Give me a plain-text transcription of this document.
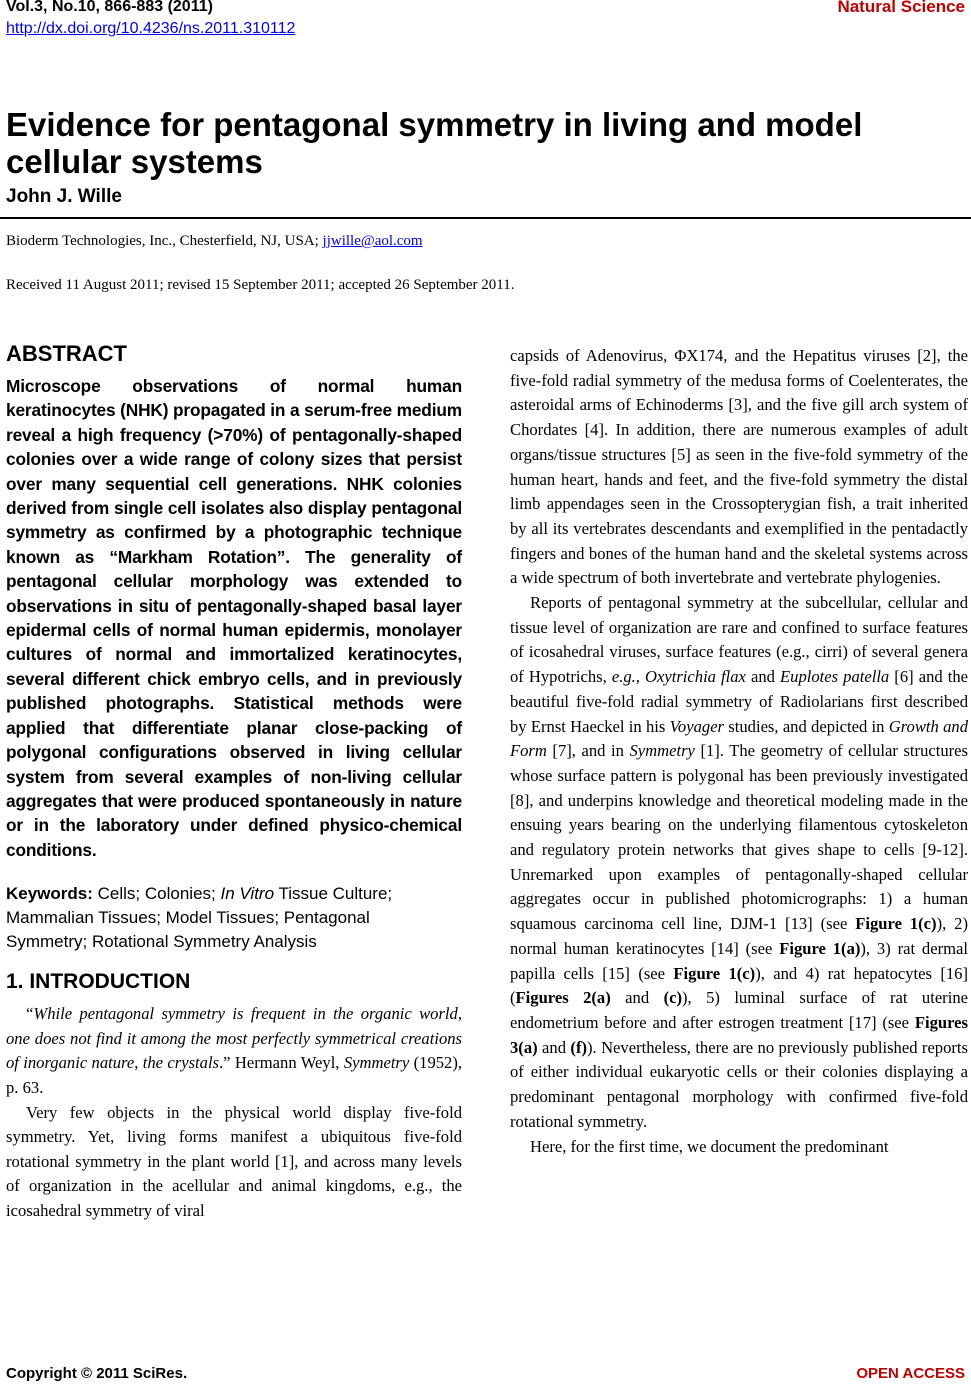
Vol.3, No.10, 866-883 (2011)
http://dx.doi.org/10.4236/ns.2011.310112
Natural Science
Evidence for pentagonal symmetry in living and model cellular systems
John J. Wille
Bioderm Technologies, Inc., Chesterfield, NJ, USA; jjwille@aol.com
Received 11 August 2011; revised 15 September 2011; accepted 26 September 2011.
ABSTRACT

Microscope observations of normal human keratinocytes (NHK) propagated in a serum-free medium reveal a high frequency (>70%) of pentagonally-shaped colonies over a wide range of colony sizes that persist over many sequential cell generations. NHK colonies derived from single cell isolates also display pentagonal symmetry as confirmed by a photographic technique known as “Markham Rotation”. The generality of pentagonal cellular morphology was extended to observations in situ of pentagonally-shaped basal layer epidermal cells of normal human epidermis, monolayer cultures of normal and immortalized keratinocytes, several different chick embryo cells, and in previously published photographs. Statistical methods were applied that differentiate planar close-packing of polygonal configurations observed in living cellular system from several examples of non-living cellular aggregates that were produced spontaneously in nature or in the laboratory under defined physico-chemical conditions.

Keywords: Cells; Colonies; In Vitro Tissue Culture; Mammalian Tissues; Model Tissues; Pentagonal Symmetry; Rotational Symmetry Analysis

1. INTRODUCTION

“While pentagonal symmetry is frequent in the organic world, one does not find it among the most perfectly symmetrical creations of inorganic nature, the crystals.” Hermann Weyl, Symmetry (1952), p. 63.

Very few objects in the physical world display five-fold symmetry. Yet, living forms manifest a ubiquitous five-fold rotational symmetry in the plant world [1], and across many levels of organization in the acellular and animal kingdoms, e.g., the icosahedral symmetry of viral

capsids of Adenovirus, ΦX174, and the Hepatitus viruses [2], the five-fold radial symmetry of the medusa forms of Coelenterates, the asteroidal arms of Echinoderms [3], and the five gill arch system of Chordates [4]. In addition, there are numerous examples of adult organs/tissue structures [5] as seen in the five-fold symmetry of the human heart, hands and feet, and the five-fold symmetry the distal limb appendages seen in the Crossopterygian fish, a trait inherited by all its vertebrates descendants and exemplified in the pentadactly fingers and bones of the human hand and the skeletal systems across a wide spectrum of both invertebrate and vertebrate phylogenies.

Reports of pentagonal symmetry at the subcellular, cellular and tissue level of organization are rare and confined to surface features of icosahedral viruses, surface features (e.g., cirri) of several genera of Hypotrichs, e.g., Oxytrichia flax and Euplotes patella [6] and the beautiful five-fold radial symmetry of Radiolarians first described by Ernst Haeckel in his Voyager studies, and depicted in Growth and Form [7], and in Symmetry [1]. The geometry of cellular structures whose surface pattern is polygonal has been previously investigated [8], and underpins knowledge and theoretical modeling made in the ensuing years bearing on the underlying filamentous cytoskeleton and regulatory protein networks that gives shape to cells [9-12]. Unremarked upon examples of pentagonally-shaped cellular aggregates occur in published photomicrographs: 1) a human squamous carcinoma cell line, DJM-1 [13] (see Figure 1(c)), 2) normal human keratinocytes [14] (see Figure 1(a)), 3) rat dermal papilla cells [15] (see Figure 1(c)), and 4) rat hepatocytes [16] (Figures 2(a) and (c)), 5) luminal surface of rat uterine endometrium before and after estrogen treatment [17] (see Figures 3(a) and (f)). Nevertheless, there are no previously published reports of either individual eukaryotic cells or their colonies displaying a predominant pentagonal morphology with confirmed five-fold rotational symmetry.

Here, for the first time, we document the predominant

Copyright © 2011 SciRes.	OPEN ACCESS
